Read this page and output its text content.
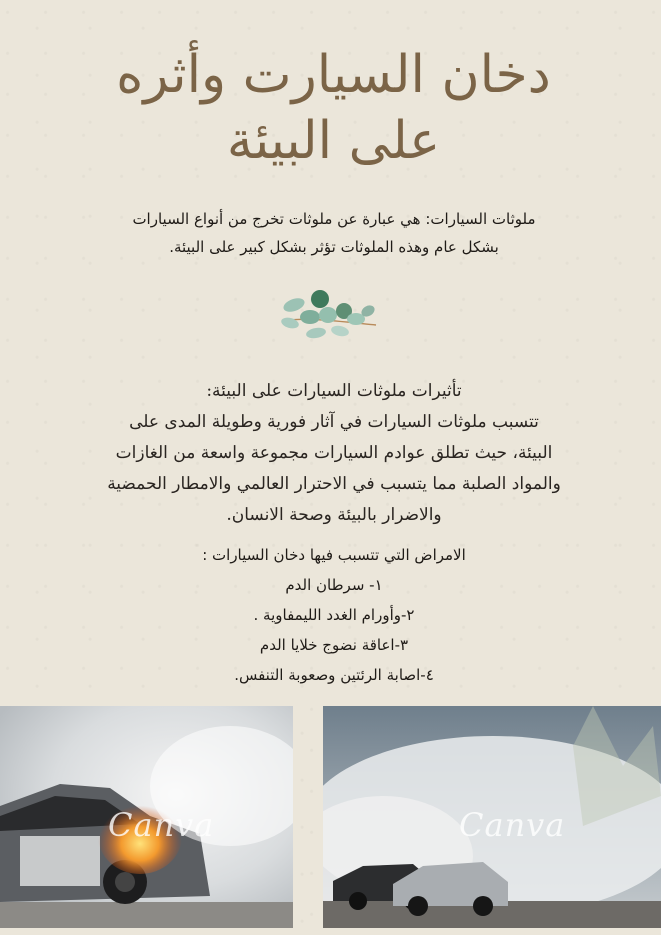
دخان السيارت وأثره
على البيئة
ملوثات السيارات: هي عبارة عن ملوثات تخرج من أنواع السيارات
بشكل عام وهذه الملوثات تؤثر بشكل كبير على البيئة.

تأثيرات ملوثات السيارات على البيئة:

تتسبب ملوثات السيارات في آثار فورية وطويلة المدى على

البيئة، حيث تطلق عوادم السيارات مجموعة واسعة من الغازات

والمواد الصلبة مما يتسبب في الاحترار العالمي والامطار الحمضية

والاضرار بالبيئة وصحة الانسان.

الامراض التي تتسبب فيها دخان السيارات :
١- سرطان الدم
٢-وأورام الغدد الليمفاوية .
٣-اعاقة نضوج خلايا الدم
٤-اصابة الرئتين وصعوبة التنفس.
Canva	Canva
